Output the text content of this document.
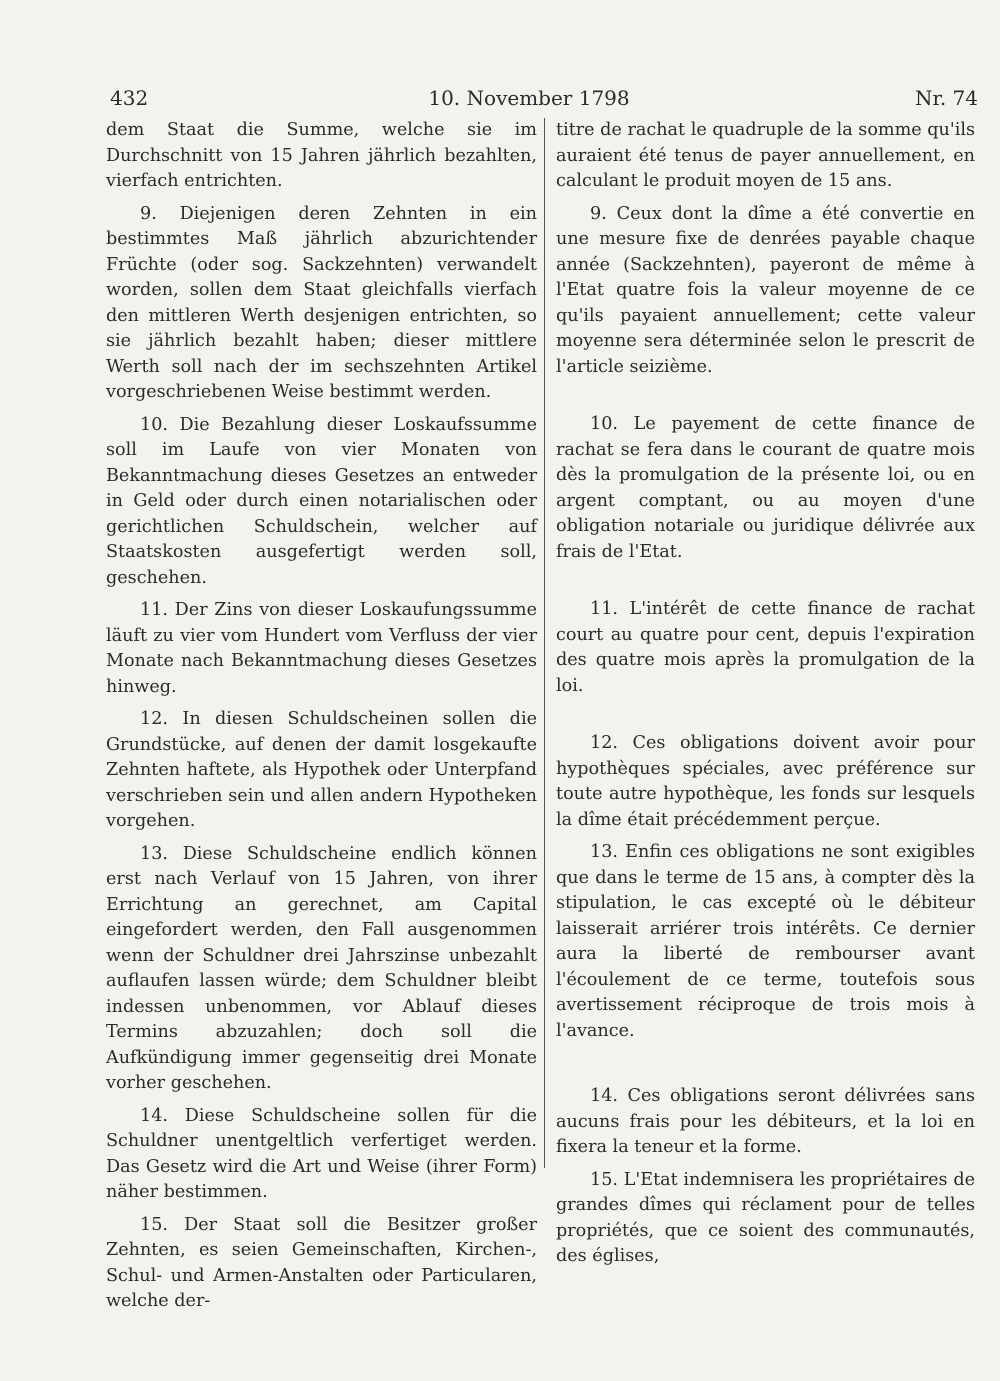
432	10. November 1798	Nr. 74

dem Staat die Summe, welche sie im Durchschnitt von 15 Jahren jährlich bezahlten, vierfach entrichten.

9. Diejenigen deren Zehnten in ein bestimmtes Maß jährlich abzurichtender Früchte (oder sog. Sackzehnten) verwandelt worden, sollen dem Staat gleichfalls vierfach den mittleren Werth desjenigen entrichten, so sie jährlich bezahlt haben; dieser mittlere Werth soll nach der im sechszehnten Artikel vorgeschriebenen Weise bestimmt werden.

10. Die Bezahlung dieser Loskaufssumme soll im Laufe von vier Monaten von Bekanntmachung dieses Gesetzes an entweder in Geld oder durch einen notarialischen oder gerichtlichen Schuldschein, welcher auf Staatskosten ausgefertigt werden soll, geschehen.

11. Der Zins von dieser Loskaufungssumme läuft zu vier vom Hundert vom Verfluss der vier Monate nach Bekanntmachung dieses Gesetzes hinweg.

12. In diesen Schuldscheinen sollen die Grundstücke, auf denen der damit losgekaufte Zehnten haftete, als Hypothek oder Unterpfand verschrieben sein und allen andern Hypotheken vorgehen.

13. Diese Schuldscheine endlich können erst nach Verlauf von 15 Jahren, von ihrer Errichtung an gerechnet, am Capital eingefordert werden, den Fall ausgenommen wenn der Schuldner drei Jahrszinse unbezahlt auflaufen lassen würde; dem Schuldner bleibt indessen unbenommen, vor Ablauf dieses Termins abzuzahlen; doch soll die Aufkündigung immer gegenseitig drei Monate vorher geschehen.

14. Diese Schuldscheine sollen für die Schuldner unentgeltlich verfertiget werden. Das Gesetz wird die Art und Weise (ihrer Form) näher bestimmen.

15. Der Staat soll die Besitzer großer Zehnten, es seien Gemeinschaften, Kirchen-, Schul- und Armen-Anstalten oder Particularen, welche der-

titre de rachat le quadruple de la somme qu'ils auraient été tenus de payer annuellement, en calculant le produit moyen de 15 ans.

9. Ceux dont la dîme a été convertie en une mesure fixe de denrées payable chaque année (Sackzehnten), payeront de même à l'Etat quatre fois la valeur moyenne de ce qu'ils payaient annuellement; cette valeur moyenne sera déterminée selon le prescrit de l'article seizième.

10. Le payement de cette finance de rachat se fera dans le courant de quatre mois dès la promulgation de la présente loi, ou en argent comptant, ou au moyen d'une obligation notariale ou juridique délivrée aux frais de l'Etat.

11. L'intérêt de cette finance de rachat court au quatre pour cent, depuis l'expiration des quatre mois après la promulgation de la loi.

12. Ces obligations doivent avoir pour hypothèques spéciales, avec préférence sur toute autre hypothèque, les fonds sur lesquels la dîme était précédemment perçue.

13. Enfin ces obligations ne sont exigibles que dans le terme de 15 ans, à compter dès la stipulation, le cas excepté où le débiteur laisserait arriérer trois intérêts. Ce dernier aura la liberté de rembourser avant l'écoulement de ce terme, toutefois sous avertissement réciproque de trois mois à l'avance.

14. Ces obligations seront délivrées sans aucuns frais pour les débiteurs, et la loi en fixera la teneur et la forme.

15. L'Etat indemnisera les propriétaires de grandes dîmes qui réclament pour de telles propriétés, que ce soient des communautés, des églises,
